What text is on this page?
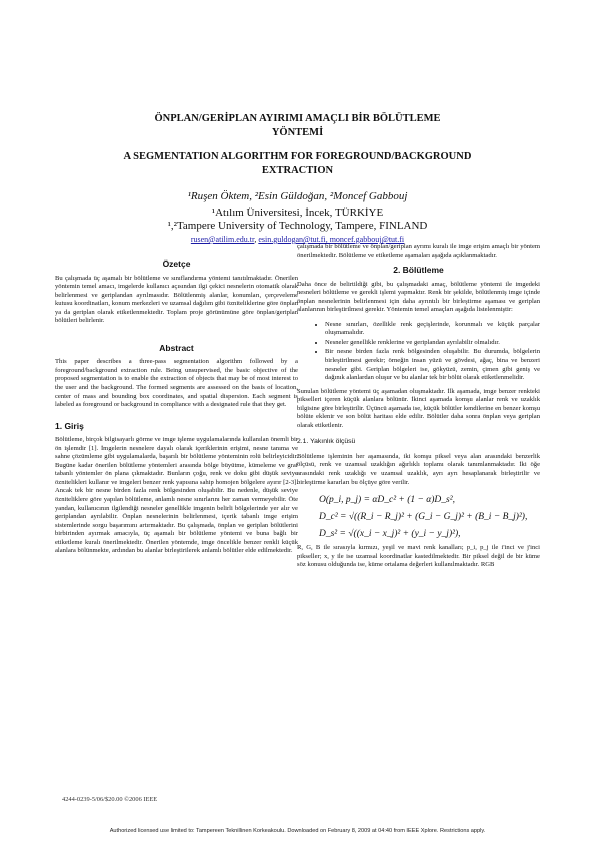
ÖNPLAN/GERİPLAN AYIRIMI AMAÇLI BİR BÖLÜTLEME
YÖNTEMİ
A SEGMENTATION ALGORITHM FOR FOREGROUND/BACKGROUND
EXTRACTION
¹Ruşen Öktem, ²Esin Güldoğan, ²Moncef Gabbouj
¹Atılım Üniversitesi, İncek, TÜRKİYE
¹,²Tampere University of Technology, Tampere, FINLAND
rusen@atilim.edu.tr, esin.guldogan@tut.fi, moncef.gabbouj@tut.fi
Özetçe

Bu çalışmada üç aşamalı bir bölütleme ve sınıflandırma yöntemi tanıtılmaktadır. Önerilen yöntemin temel amacı, imgelerde kullanıcı açısından ilgi çekici nesnelerin otomatik olarak belirlenmesi ve geriplandan ayrılmasıdır. Bölütlenmiş alanlar, konumları, çerçeveleme kutusu koordinatları, konum merkezleri ve uzamsal dağılım gibi özniteliklerine göre önplan ya da geriplan olarak etiketlenmektedir. Toplam proje görünümüne göre önplan/geriplan bölütleri belirlenir.

Abstract

This paper describes a three-pass segmentation algorithm followed by a foreground/background extraction rule. Being unsupervised, the basic objective of the proposed segmentation is to enable the extraction of objects that may be of most interest to the user and the background. The formed segments are assessed on the basis of location, center of mass and bounding box coordinates, and spatial dispersion. Each segment is labeled as foreground or background in compliance with a designated rule that they get.

1. Giriş

Bölütleme, birçok bilgisayarlı görme ve imge işleme uygulamalarında kullanılan önemli bir ön işlemdir [1]. İmgelerin nesnelere dayalı olarak içeriklerinin erişimi, nesne tanıma ve sahne çözümleme gibi uygulamalarda, başarılı bir bölütleme yönteminin rolü belirleyicidir. Bugüne kadar önerilen bölütleme yöntemleri arasında bölge büyütme, kümeleme ve graf tabanlı yöntemler ön plana çıkmaktadır. Bunların çoğu, renk ve doku gibi düşük seviye öznitelikleri kullanır ve imgeleri benzer renk yapısına sahip homojen bölgelere ayırır [2-3]. Ancak tek bir nesne birden fazla renk bölgesinden oluşabilir. Bu nedenle, düşük seviye özniteliklere göre yapılan bölütleme, anlamlı nesne sınırlarını her zaman vermeyebilir. Öte yandan, kullanıcının ilgilendiği nesneler genellikle imgenin belirli bölgelerinde yer alır ve geriplandan ayrılabilir. Önplan nesnelerinin belirlenmesi, içerik tabanlı imge erişim sistemlerinde sorgu başarımını artırmaktadır. Bu çalışmada, önplan ve geriplan bölütlerini birbirinden ayırmak amacıyla, üç aşamalı bir bölütleme yöntemi ve buna bağlı bir etiketleme kuralı önerilmektedir. Önerilen yöntemde, imge öncelikle benzer renkli küçük alanlara bölünmekte, ardından bu alanlar birleştirilerek anlamlı bölütler elde edilmektedir.

çalışmada bir bölütleme ve önplan/geriplan ayrımı kuralı ile imge erişim amaçlı bir yöntem önerilmektedir. Bölütleme ve etiketleme aşamaları aşağıda açıklanmaktadır.

2. Bölütleme

Daha önce de belirtildiği gibi, bu çalışmadaki amaç, bölütleme yöntemi ile imgedeki nesneleri bölütleme ve gerekli işlemi yapmaktır. Renk bir şekilde, bölütlenmiş imge içinde önplan nesnelerinin belirlenmesi için daha ayrıntılı bir birleştirme aşaması ve geriplan alanlarının birleştirilmesi gerekir. Yöntemin temel amaçları aşağıda listelenmiştir:

• Nesne sınırları, özellikle renk geçişlerinde, korunmalı ve küçük parçalar oluşmamalıdır.
• Nesneler genellikle renklerine ve geriplandan ayrılabilir olmalıdır.
• Bir nesne birden fazla renk bölgesinden oluşabilir. Bu durumda, bölgelerin birleştirilmesi gerekir; örneğin insan yüzü ve gövdesi, ağaç, bina ve benzeri nesneler gibi. Geriplan bölgeleri ise, gökyüzü, zemin, çimen gibi geniş ve dağınık alanlardan oluşur ve bu alanlar tek bir bölüt olarak etiketlenmelidir.

Sunulan bölütleme yöntemi üç aşamadan oluşmaktadır. İlk aşamada, imge benzer renkteki pikselleri içeren küçük alanlara bölünür. İkinci aşamada komşu alanlar renk ve uzaklık bilgisine göre birleştirilir. Üçüncü aşamada ise, küçük bölütler kendilerine en benzer komşu bölüte eklenir ve son bölüt haritası elde edilir. Bölütler daha sonra önplan veya geriplan olarak etiketlenir.

2.1. Yakınlık ölçüsü

Bölütleme işleminin her aşamasında, iki komşu piksel veya alan arasındaki benzerlik ölçüsü, renk ve uzamsal uzaklığın ağırlıklı toplamı olarak tanımlanmaktadır. İki öğe arasındaki renk uzaklığı ve uzamsal uzaklık, ayrı ayrı hesaplanarak birleştirilir ve birleştirme kararları bu ölçüye göre verilir.

O(p_i, p_j) = αD_c² + (1 − α)D_s²,
D_c² = √((R_i − R_j)² + (G_i − G_j)² + (B_i − B_j)²),
D_s² = √((x_i − x_j)² + (y_i − y_j)²),

R, G, B ile sırasıyla kırmızı, yeşil ve mavi renk kanalları; p_i, p_j ile i'inci ve j'inci pikseller; x, y ile ise uzamsal koordinatlar kastedilmektedir. Bir piksel değil de bir küme söz konusu olduğunda ise, küme ortalama değerleri kullanılmaktadır. RGB

4244-0239-5/06/$20.00 ©2006 IEEE
Authorized licensed use limited to: Tampereen Teknillinen Korkeakoulu. Downloaded on February 8, 2009 at 04:40 from IEEE Xplore. Restrictions apply.
